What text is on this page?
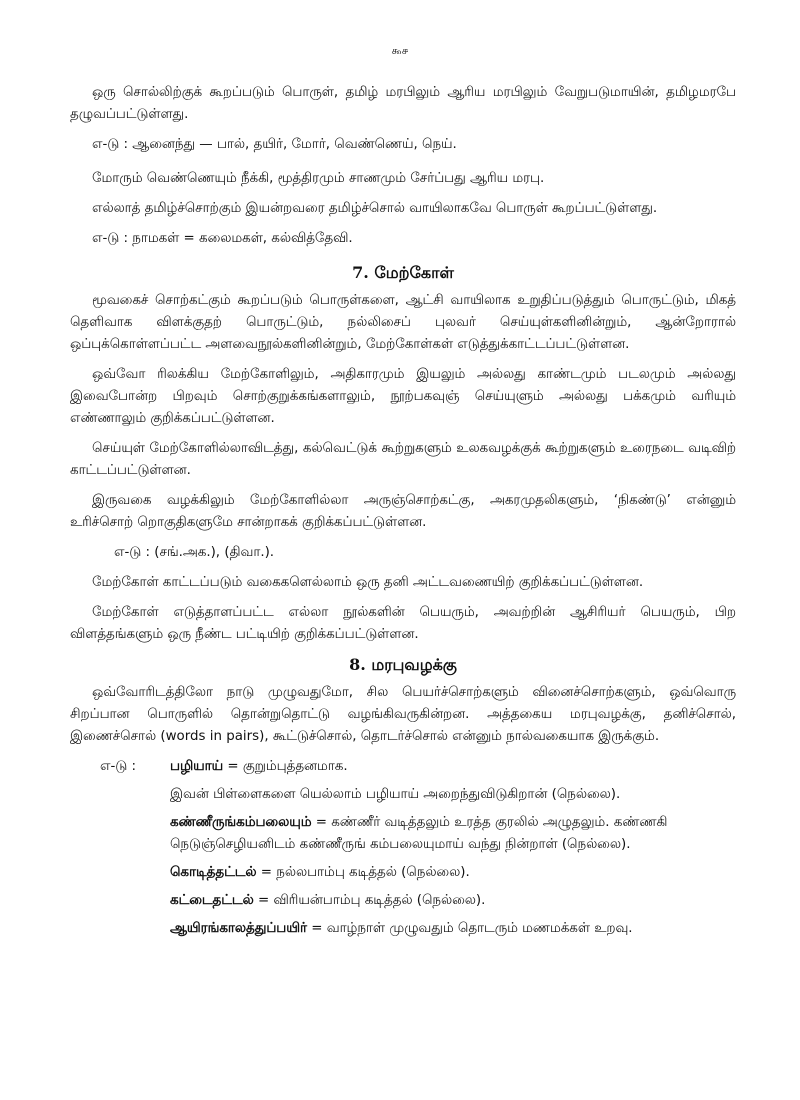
௯௪

ஒரு சொல்லிற்குக் கூறப்படும் பொருள், தமிழ் மரபிலும் ஆரிய மரபிலும் வேறுபடுமாயின், தமிழமரபே தழுவப்பட்டுள்ளது.

எ-டு : ஆனைந்து — பால், தயிர், மோர், வெண்ணெய், நெய்.

மோரும் வெண்ணெயும் நீக்கி, மூத்திரமும் சாணமும் சேர்ப்பது ஆரிய மரபு.

எல்லாத் தமிழ்ச்சொற்கும் இயன்றவரை தமிழ்ச்சொல் வாயிலாகவே பொருள் கூறப்பட்டுள்ளது.

எ-டு : நாமகள் = கலைமகள், கல்வித்தேவி.

7. மேற்கோள்

மூவகைச் சொற்கட்கும் கூறப்படும் பொருள்களை, ஆட்சி வாயிலாக உறுதிப்படுத்தும் பொருட்டும், மிகத் தெளிவாக விளக்குதற் பொருட்டும், நல்லிசைப் புலவர் செய்யுள்களினின்றும், ஆன்றோரால் ஒப்புக்கொள்ளப்பட்ட அளவைநூல்களினின்றும், மேற்கோள்கள் எடுத்துக்காட்டப்பட்டுள்ளன.

ஒவ்வோ ரிலக்கிய மேற்கோளிலும், அதிகாரமும் இயலும் அல்லது காண்டமும் படலமும் அல்லது இவைபோன்ற பிறவும் சொற்குறுக்கங்களாலும், நூற்பகவுஞ் செய்யுளும் அல்லது பக்கமும் வரியும் எண்ணாலும் குறிக்கப்பட்டுள்ளன.

செய்யுள் மேற்கோளில்லாவிடத்து, கல்வெட்டுக் கூற்றுகளும் உலகவழக்குக் கூற்றுகளும் உரைநடை வடிவிற் காட்டப்பட்டுள்ளன.

இருவகை வழக்கிலும் மேற்கோளில்லா அருஞ்சொற்கட்கு, அகரமுதலிகளும், ‘நிகண்டு’ என்னும் உரிச்சொற் றொகுதிகளுமே சான்றாகக் குறிக்கப்பட்டுள்ளன.

எ-டு : (சங்.அக.), (திவா.).

மேற்கோள் காட்டப்படும் வகைகளெல்லாம் ஒரு தனி அட்டவணையிற் குறிக்கப்பட்டுள்ளன.

மேற்கோள் எடுத்தாளப்பட்ட எல்லா நூல்களின் பெயரும், அவற்றின் ஆசிரியர் பெயரும், பிற விளத்தங்களும் ஒரு நீண்ட பட்டியிற் குறிக்கப்பட்டுள்ளன.

8. மரபுவழக்கு

ஒவ்வோரிடத்திலோ நாடு முழுவதுமோ, சில பெயர்ச்சொற்களும் வினைச்சொற்களும், ஒவ்வொரு சிறப்பான பொருளில் தொன்றுதொட்டு வழங்கிவருகின்றன. அத்தகைய மரபுவழக்கு, தனிச்சொல், இணைச்சொல் (words in pairs), கூட்டுச்சொல், தொடர்ச்சொல் என்னும் நால்வகையாக இருக்கும்.

எ-டு :	பழியாய் = குறும்புத்தனமாக.
இவன் பிள்ளைகளை யெல்லாம் பழியாய் அறைந்துவிடுகிறான் (நெல்லை).
கண்ணீருங்கம்பலையும் = கண்ணீர் வடித்தலும் உரத்த குரலில் அழுதலும். கண்ணகி நெடுஞ்செழியனிடம் கண்ணீருங் கம்பலையுமாய் வந்து நின்றாள் (நெல்லை).
கொடித்தட்டல் = நல்லபாம்பு கடித்தல் (நெல்லை).
கட்டைதட்டல் = விரியன்பாம்பு கடித்தல் (நெல்லை).
ஆயிரங்காலத்துப்பயிர் = வாழ்நாள் முழுவதும் தொடரும் மணமக்கள் உறவு.
